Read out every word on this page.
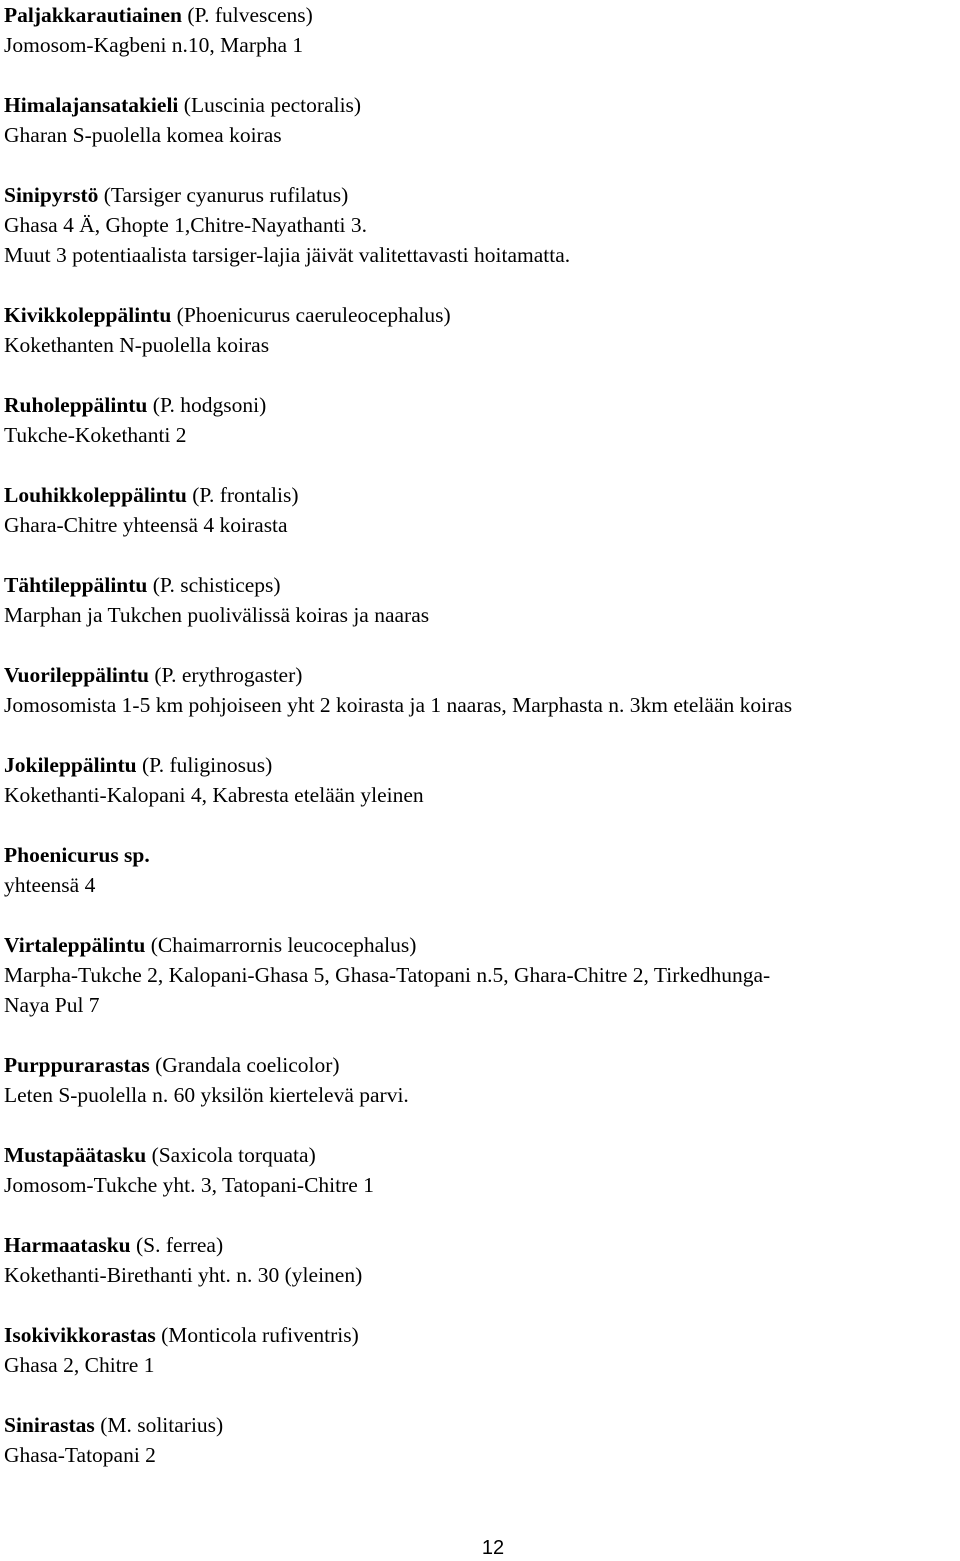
Paljakkarautiainen (P. fulvescens)

Jomosom-Kagbeni n.10, Marpha 1

Himalajansatakieli (Luscinia pectoralis)

Gharan S-puolella komea koiras

Sinipyrstö (Tarsiger cyanurus rufilatus)

Ghasa 4 Ä, Ghopte 1,Chitre-Nayathanti 3.

Muut 3 potentiaalista tarsiger-lajia jäivät valitettavasti hoitamatta.

Kivikkoleppälintu (Phoenicurus caeruleocephalus)

Kokethanten N-puolella koiras

Ruholeppälintu (P. hodgsoni)

Tukche-Kokethanti 2

Louhikkoleppälintu (P. frontalis)

Ghara-Chitre yhteensä 4 koirasta

Tähtileppälintu (P. schisticeps)

Marphan ja Tukchen puolivälissä koiras ja naaras

Vuorileppälintu (P. erythrogaster)

Jomosomista 1-5 km pohjoiseen yht 2 koirasta ja 1 naaras, Marphasta n. 3km etelään koiras

Jokileppälintu (P. fuliginosus)

Kokethanti-Kalopani 4, Kabresta etelään yleinen

Phoenicurus sp.

yhteensä 4

Virtaleppälintu (Chaimarrornis leucocephalus)

Marpha-Tukche 2, Kalopani-Ghasa 5, Ghasa-Tatopani n.5, Ghara-Chitre 2, Tirkedhunga-

Naya Pul 7

Purppurarastas (Grandala coelicolor)

Leten S-puolella n. 60 yksilön kiertelevä parvi.

Mustapäätasku (Saxicola torquata)

Jomosom-Tukche yht. 3, Tatopani-Chitre 1

Harmaatasku (S. ferrea)

Kokethanti-Birethanti yht. n. 30 (yleinen)

Isokivikkorastas (Monticola rufiventris)

Ghasa 2, Chitre 1

Sinirastas (M. solitarius)

Ghasa-Tatopani 2

12
